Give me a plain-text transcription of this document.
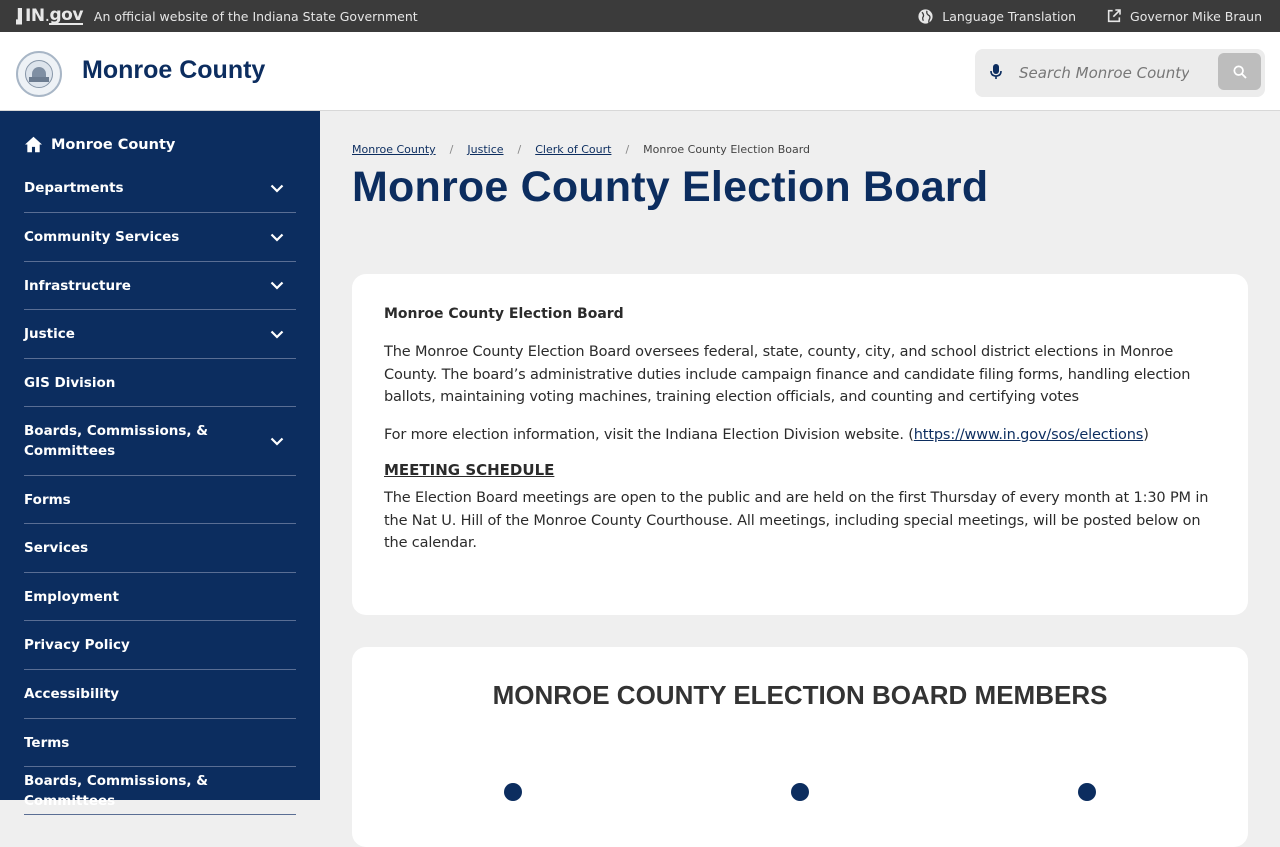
IN . gov An official website of the Indiana State Government	Language Translation	Governor Mike Braun
Monroe County
Search Monroe County
Monroe County
Departments
Community Services
Infrastructure
Justice
GIS Division
Boards, Commissions, & Committees
Forms
Services
Employment
Privacy Policy
Accessibility
Terms
Boards, Commissions, & Committees
Monroe County / Justice / Clerk of Court / Monroe County Election Board
Monroe County Election Board
Monroe County Election Board

The Monroe County Election Board oversees federal, state, county, city, and school district elections in Monroe County. The board’s administrative duties include campaign finance and candidate filing forms, handling election ballots, maintaining voting machines, training election officials, and counting and certifying votes

For more election information, visit the Indiana Election Division website. (https://www.in.gov/sos/elections)

MEETING SCHEDULE

The Election Board meetings are open to the public and are held on the first Thursday of every month at 1:30 PM in the Nat U. Hill of the Monroe County Courthouse. All meetings, including special meetings, will be posted below on the calendar.

MONROE COUNTY ELECTION BOARD MEMBERS
